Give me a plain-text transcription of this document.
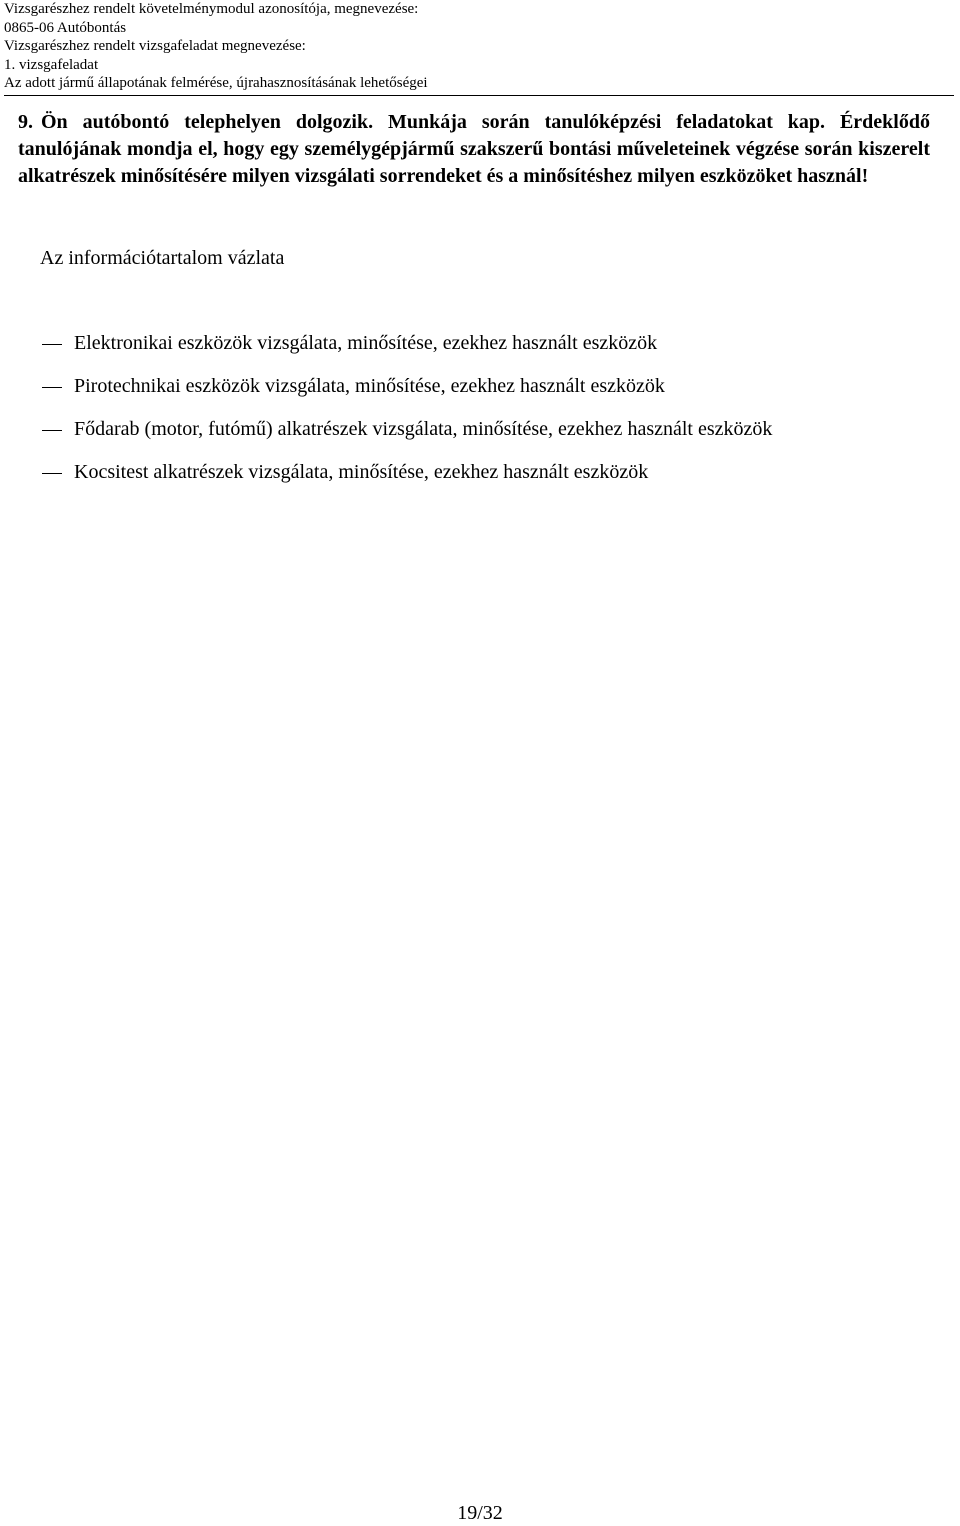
Vizsgarészhez rendelt követelménymodul azonosítója, megnevezése:
0865-06 Autóbontás
Vizsgarészhez rendelt vizsgafeladat megnevezése:
1. vizsgafeladat
Az adott jármű állapotának felmérése, újrahasznosításának lehetőségei
9. Ön autóbontó telephelyen dolgozik. Munkája során tanulóképzési feladatokat kap. Érdeklődő tanulójának mondja el, hogy egy személygépjármű szakszerű bontási műveleteinek végzése során kiszerelt alkatrészek minősítésére milyen vizsgálati sorrendeket és a minősítéshez milyen eszközöket használ!
Az információtartalom vázlata
Elektronikai eszközök vizsgálata, minősítése, ezekhez használt eszközök
Pirotechnikai eszközök vizsgálata, minősítése, ezekhez használt eszközök
Fődarab (motor, futómű) alkatrészek vizsgálata, minősítése, ezekhez használt eszközök
Kocsitest alkatrészek vizsgálata, minősítése, ezekhez használt eszközök
19/32
